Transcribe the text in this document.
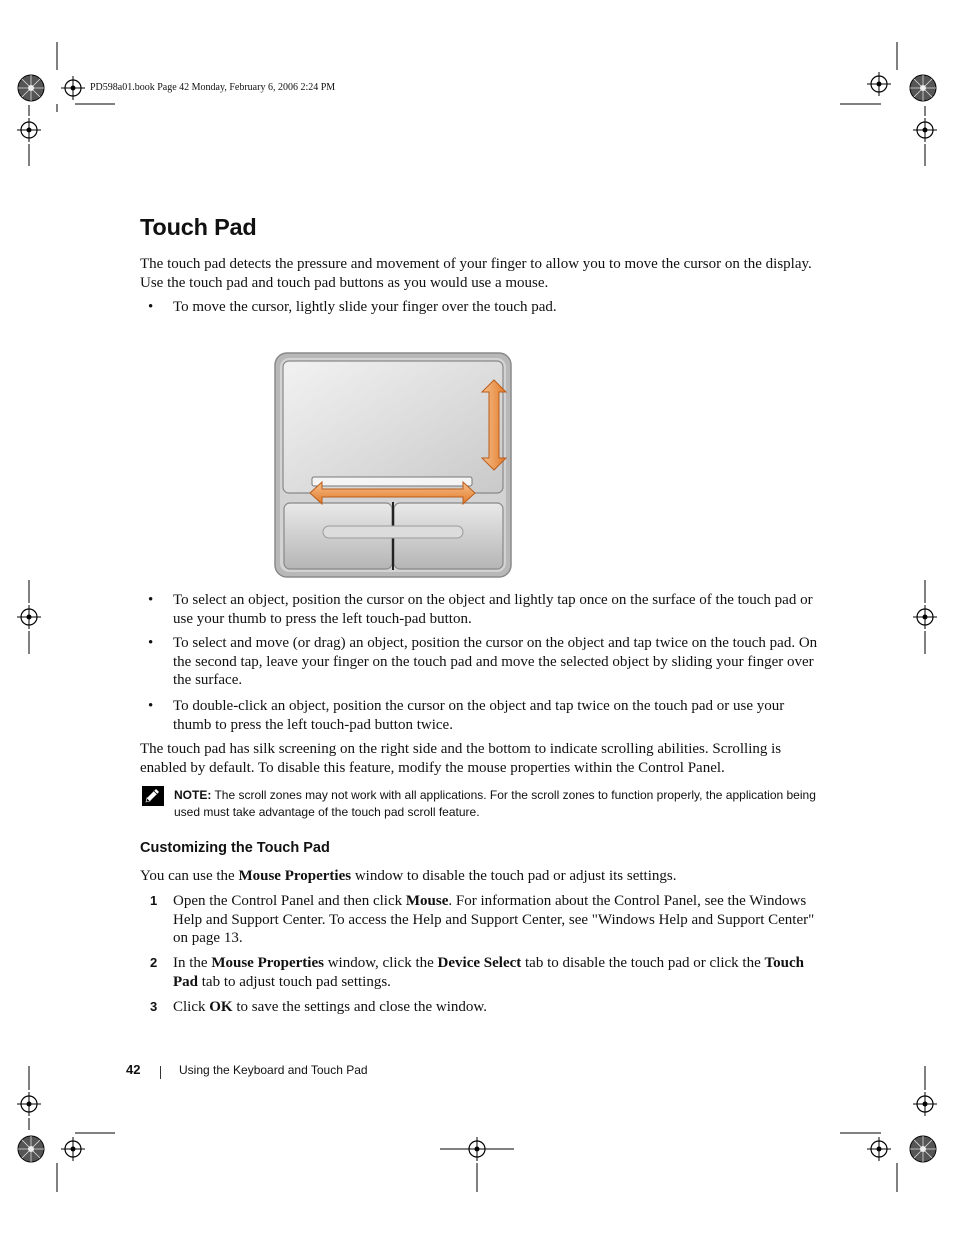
PD598a01.book Page 42 Monday, February 6, 2006 2:24 PM
Touch Pad
The touch pad detects the pressure and movement of your finger to allow you to move the cursor on the display. Use the touch pad and touch pad buttons as you would use a mouse.
• To move the cursor, lightly slide your finger over the touch pad.
• To select an object, position the cursor on the object and lightly tap once on the surface of the touch pad or use your thumb to press the left touch-pad button.
• To select and move (or drag) an object, position the cursor on the object and tap twice on the touch pad. On the second tap, leave your finger on the touch pad and move the selected object by sliding your finger over the surface.
• To double-click an object, position the cursor on the object and tap twice on the touch pad or use your thumb to press the left touch-pad button twice.
The touch pad has silk screening on the right side and the bottom to indicate scrolling abilities. Scrolling is enabled by default. To disable this feature, modify the mouse properties within the Control Panel.
NOTE: The scroll zones may not work with all applications. For the scroll zones to function properly, the application being used must take advantage of the touch pad scroll feature.
Customizing the Touch Pad
You can use the Mouse Properties window to disable the touch pad or adjust its settings.
1	Open the Control Panel and then click Mouse. For information about the Control Panel, see the Windows Help and Support Center. To access the Help and Support Center, see "Windows Help and Support Center" on page 13.
2	In the Mouse Properties window, click the Device Select tab to disable the touch pad or click the Touch Pad tab to adjust touch pad settings.
3	Click OK to save the settings and close the window.
42	Using the Keyboard and Touch Pad
